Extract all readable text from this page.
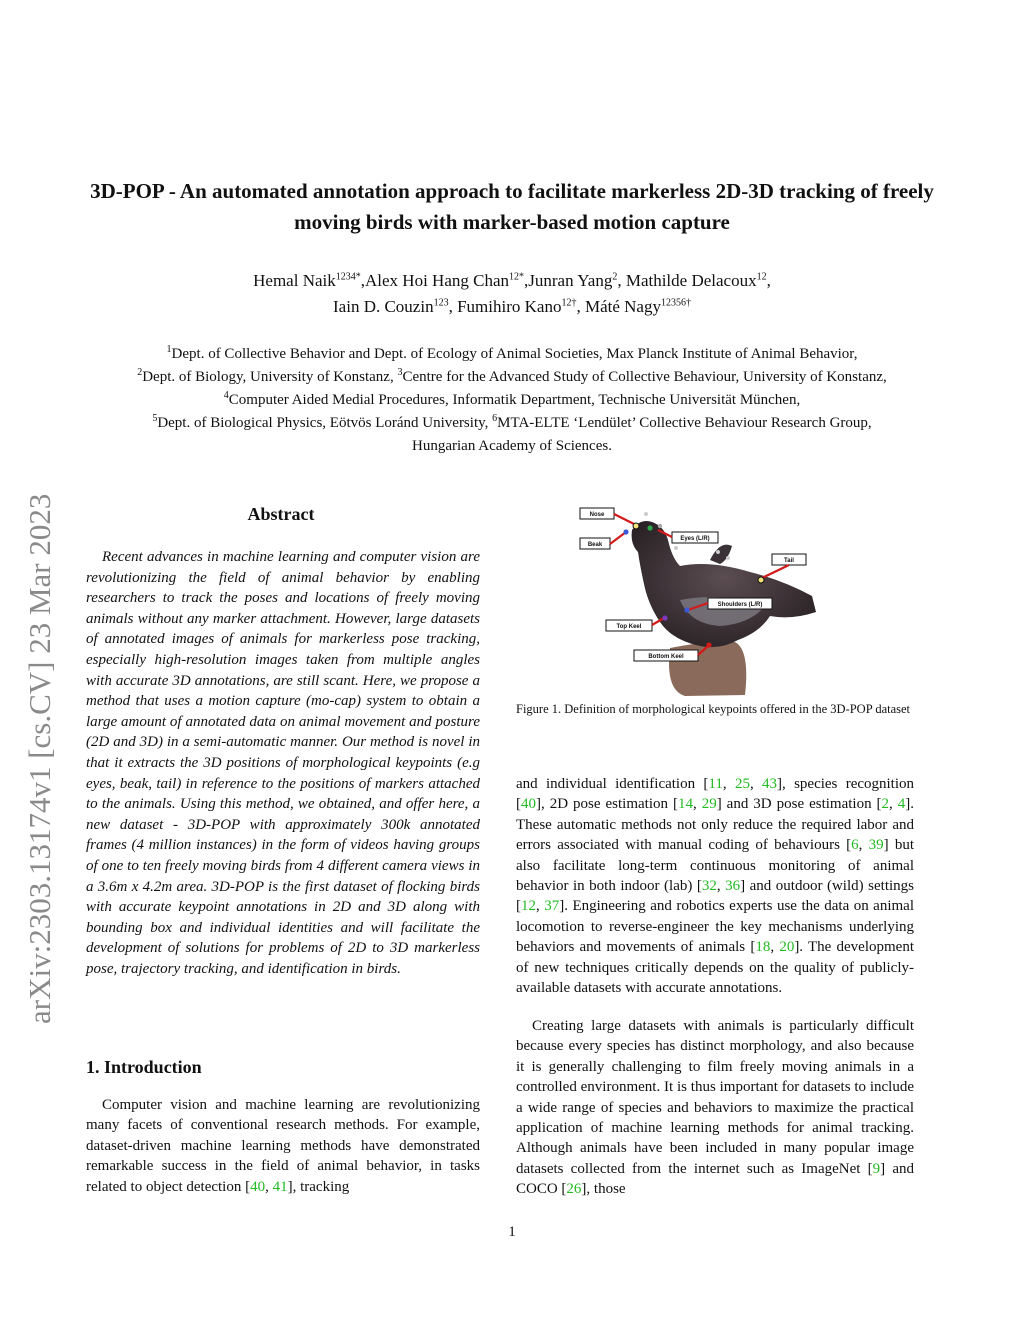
arXiv:2303.13174v1 [cs.CV] 23 Mar 2023
3D-POP - An automated annotation approach to facilitate markerless 2D-3D tracking of freely moving birds with marker-based motion capture
Hemal Naik$^{1234*}$,Alex Hoi Hang Chan$^{12*}$,Junran Yang$^2$, Mathilde Delacoux$^{12}$,
Iain D. Couzin$^{123}$, Fumihiro Kano$^{12\dagger}$, Máté Nagy$^{12356\dagger}$
$^1$Dept. of Collective Behavior and Dept. of Ecology of Animal Societies, Max Planck Institute of Animal Behavior,
$^2$Dept. of Biology, University of Konstanz, $^3$Centre for the Advanced Study of Collective Behaviour, University of Konstanz,
$^4$Computer Aided Medial Procedures, Informatik Department, Technische Universität München,
$^5$Dept. of Biological Physics, Eötvös Loránd University, $^6$MTA-ELTE ‘Lendület’ Collective Behaviour Research Group,
Hungarian Academy of Sciences.
Abstract

Recent advances in machine learning and computer vision are revolutionizing the field of animal behavior by enabling researchers to track the poses and locations of freely moving animals without any marker attachment. However, large datasets of annotated images of animals for markerless pose tracking, especially high-resolution images taken from multiple angles with accurate 3D annotations, are still scant. Here, we propose a method that uses a motion capture (mo-cap) system to obtain a large amount of annotated data on animal movement and posture (2D and 3D) in a semi-automatic manner. Our method is novel in that it extracts the 3D positions of morphological keypoints (e.g eyes, beak, tail) in reference to the positions of markers attached to the animals. Using this method, we obtained, and offer here, a new dataset - 3D-POP with approximately 300k annotated frames (4 million instances) in the form of videos having groups of one to ten freely moving birds from 4 different camera views in a 3.6m x 4.2m area. 3D-POP is the first dataset of flocking birds with accurate keypoint annotations in 2D and 3D along with bounding box and individual identities and will facilitate the development of solutions for problems of 2D to 3D markerless pose, trajectory tracking, and identification in birds.

1. Introduction

Computer vision and machine learning are revolutionizing many facets of conventional research methods. For example, dataset-driven machine learning methods have demonstrated remarkable success in the field of animal behavior, in tasks related to object detection [40, 41], tracking

Nose
Beak
Eyes (L/R)
Tail
Shoulders (L/R)
Top Keel
Bottom Keel

Figure 1. Definition of morphological keypoints offered in the 3D-POP dataset

and individual identification [11, 25, 43], species recognition [40], 2D pose estimation [14, 29] and 3D pose estimation [2, 4]. These automatic methods not only reduce the required labor and errors associated with manual coding of behaviours [6, 39] but also facilitate long-term continuous monitoring of animal behavior in both indoor (lab) [32, 36] and outdoor (wild) settings [12, 37]. Engineering and robotics experts use the data on animal locomotion to reverse-engineer the key mechanisms underlying behaviors and movements of animals [18, 20]. The development of new techniques critically depends on the quality of publicly-available datasets with accurate annotations.

Creating large datasets with animals is particularly difficult because every species has distinct morphology, and also because it is generally challenging to film freely moving animals in a controlled environment. It is thus important for datasets to include a wide range of species and behaviors to maximize the practical application of machine learning methods for animal tracking. Although animals have been included in many popular image datasets collected from the internet such as ImageNet [9] and COCO [26], those

1
